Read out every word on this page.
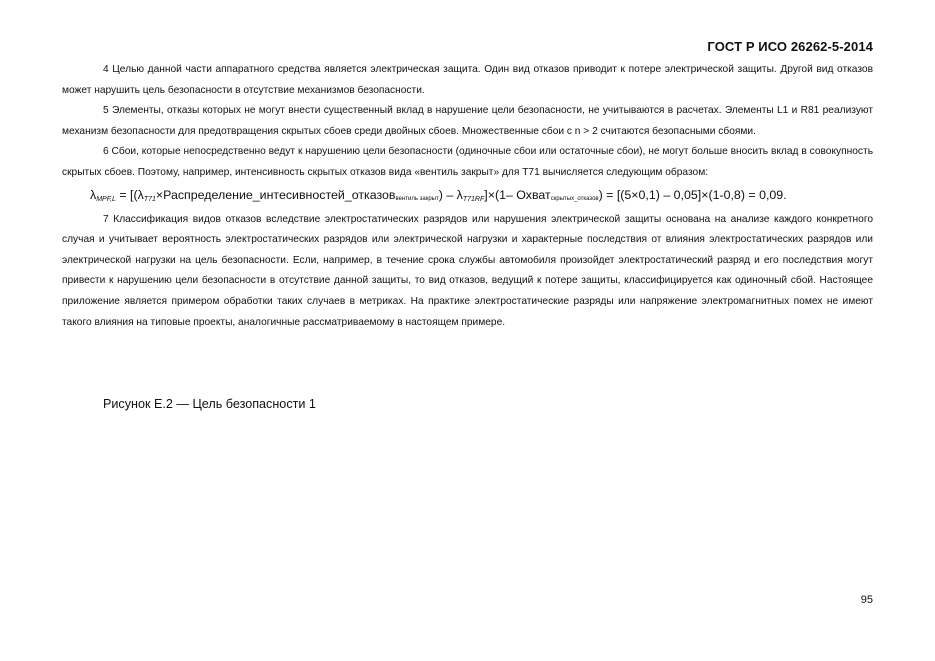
ГОСТ Р ИСО 26262-5-2014

4 Целью данной части аппаратного средства является электрическая защита. Один вид отказов приводит к потере электрической защиты. Другой вид отказов может нарушить цель безопасности в отсутствие механизмов безопасности.

5 Элементы, отказы которых не могут внести существенный вклад в нарушение цели безопасности, не учитываются в расчетах. Элементы L1 и R81 реализуют механизм безопасности для предотвращения скрытых сбоев среди двойных сбоев. Множественные сбои с n > 2 считаются безопасными сбоями.

6 Сбои, которые непосредственно ведут к нарушению цели безопасности (одиночные сбои или остаточные сбои), не могут больше вносить вклад в совокупность скрытых сбоев. Поэтому, например, интенсивность скрытых отказов вида «вентиль закрыт» для T71 вычисляется следующим образом:

$\lambda_{MPF,L}$ = [($\lambda_{T71}\times Распределение\_интесивностей\_отказоввентиль$ закрыт) – $\lambda_{T71RF}]\times(1-$ Охватскрытых_отказов) = [(5×0,1) – 0,05]×(1-0,8) = 0,09.

7 Классификация видов отказов вследствие электростатических разрядов или нарушения электрической защиты основана на анализе каждого конкретного случая и учитывает вероятность электростатических разрядов или электрической нагрузки и характерные последствия от влияния электростатических разрядов или электрической нагрузки на цель безопасности. Если, например, в течение срока службы автомобиля произойдет электростатический разряд и его последствия могут привести к нарушению цели безопасности в отсутствие данной защиты, то вид отказов, ведущий к потере защиты, классифицируется как одиночный сбой. Настоящее приложение является примером обработки таких случаев в метриках. На практике электростатические разряды или напряжение электромагнитных помех не имеют такого влияния на типовые проекты, аналогичные рассматриваемому в настоящем примере.

Рисунок Е.2 — Цель безопасности 1
95
